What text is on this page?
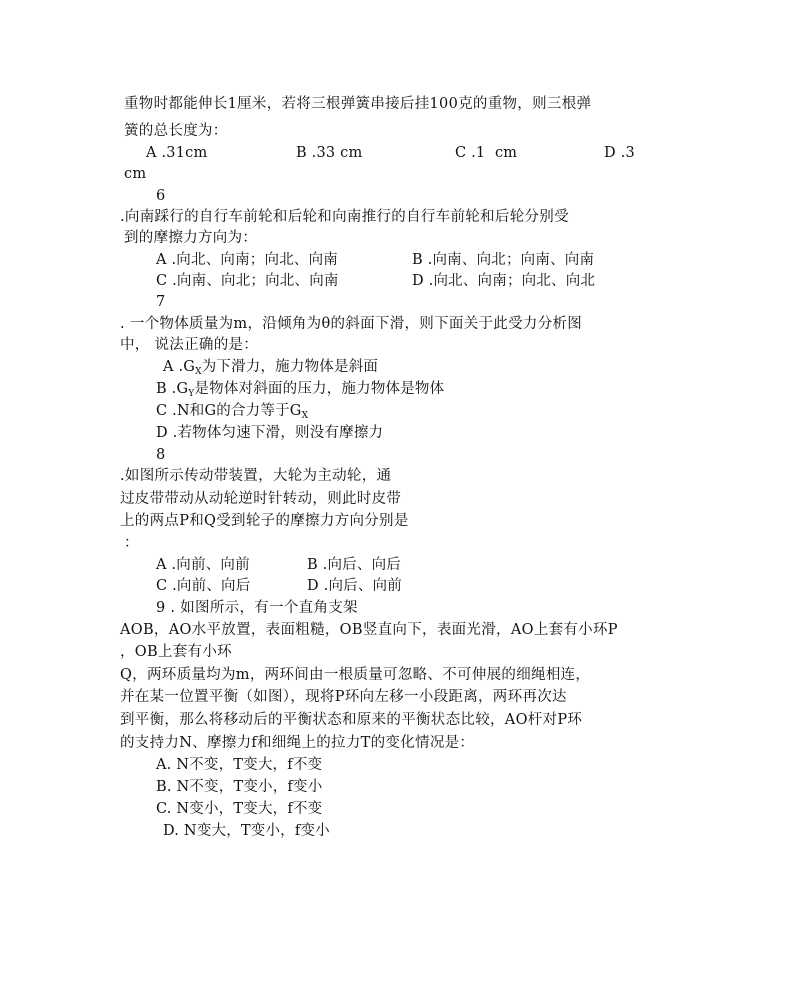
重物时都能伸长1厘米，若将三根弹簧串接后挂100克的重物，则三根弹
簧的总长度为：
A .31cm	B .33 cm	C .1  cm	D .3
cm
6
.向南踩行的自行车前轮和后轮和向南推行的自行车前轮和后轮分别受
到的摩擦力方向为：
A .向北、向南；向北、向南	B .向南、向北；向南、向南
C .向南、向北；向北、向南	D .向北、向南；向北、向北
7
. 一个物体质量为m，沿倾角为θ的斜面下滑，则下面关于此受力分析图
中， 说法正确的是：
A $.G_X$为下滑力，施力物体是斜面
B $.G_Y$是物体对斜面的压力，施力物体是物体
C .N和G的合力等于$G_X$
D .若物体匀速下滑，则没有摩擦力
8
.如图所示传动带装置，大轮为主动轮，通
过皮带带动从动轮逆时针转动，则此时皮带
上的两点P和Q受到轮子的摩擦力方向分别是
：
A .向前、向前	B .向后、向后
C .向前、向后	D .向后、向前
9 . 如图所示，有一个直角支架
AOB，AO水平放置，表面粗糙，OB竖直向下，表面光滑，AO上套有小环P
，OB上套有小环
Q，两环质量均为m，两环间由一根质量可忽略、不可伸展的细绳相连，
并在某一位置平衡（如图），现将P环向左移一小段距离，两环再次达
到平衡，那么将移动后的平衡状态和原来的平衡状态比较，AO杆对P环
的支持力N、摩擦力f和细绳上的拉力T的变化情况是：
A. N不变，T变大，f不变
B. N不变，T变小，f变小
C. N变小，T变大，f不变
D. N变大，T变小，f变小
